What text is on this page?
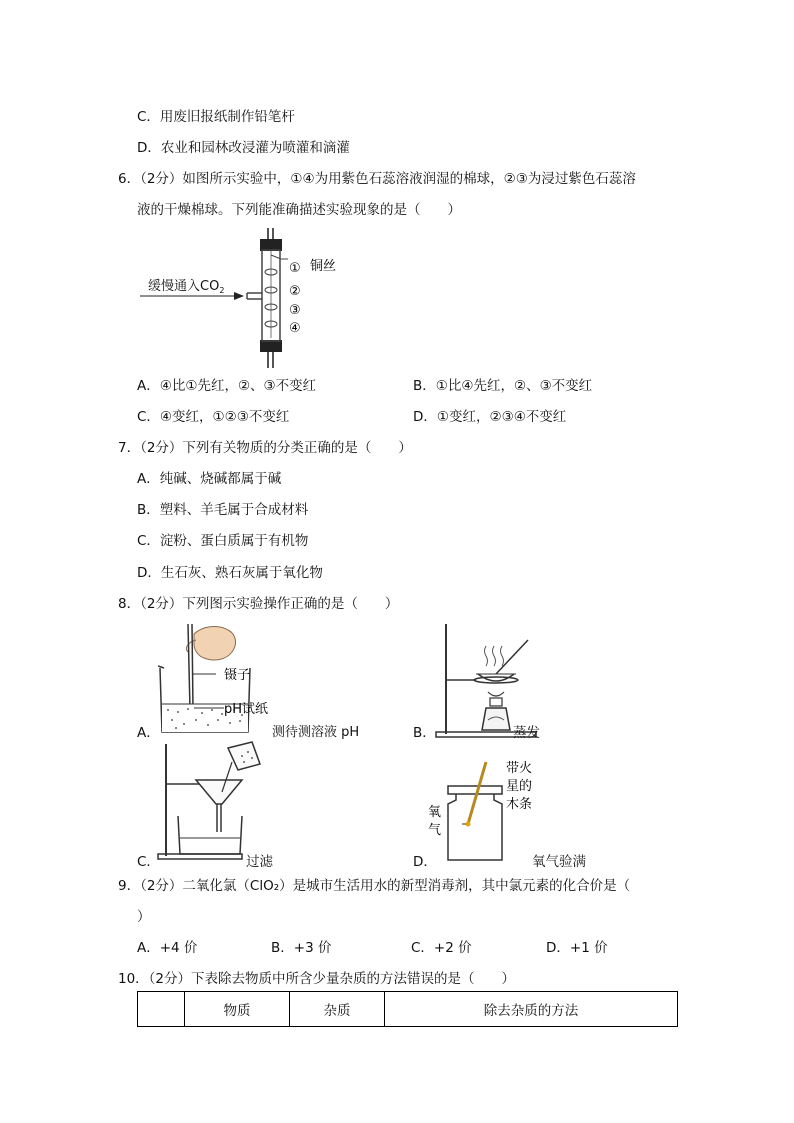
C．用废旧报纸制作铅笔杆
D．农业和园林改浸灌为喷灌和滴灌
6．（2分）如图所示实验中，①④为用紫色石蕊溶液润湿的棉球，②③为浸过紫色石蕊溶
液的干燥棉球。下列能准确描述实验现象的是（　　）
缓慢通入$CO_2$
① 铜丝
②
③
④
A．④比①先红，②、③不变红	B．①比④先红，②、③不变红
C．④变红，①②③不变红	D．①变红，②③④不变红
7．（2分）下列有关物质的分类正确的是（　　）
A．纯碱、烧碱都属于碱
B．塑料、羊毛属于合成材料
C．淀粉、蛋白质属于有机物
D．生石灰、熟石灰属于氧化物
8．（2分）下列图示实验操作正确的是（　　）
A．
镊子
pH试纸
测待测溶液 pH	B．	蒸发
C．	过滤	D．
带火
星的
木条
氧
气
氧气验满
9．（2分）二氧化氯（ClO₂）是城市生活用水的新型消毒剂，其中氯元素的化合价是（
）
A．+4 价	B．+3 价	C．+2 价	D．+1 价
10．（2分）下表除去物质中所含少量杂质的方法错误的是（　　）
	物质	杂质	除去杂质的方法
